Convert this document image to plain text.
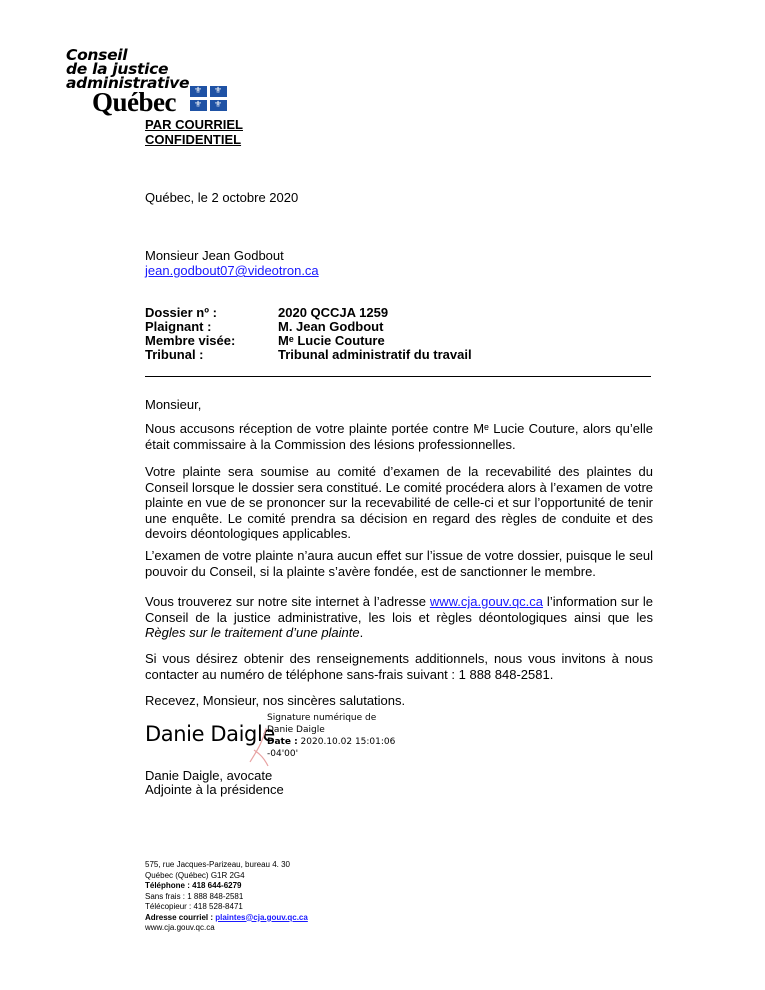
Conseil
de la justice
administrative
Québec ⚜ ⚜
⚜ ⚜
PAR COURRIEL
CONFIDENTIEL
Québec, le 2 octobre 2020
Monsieur Jean Godbout
jean.godbout07@videotron.ca
Dossier nº :	2020 QCCJA 1259
Plaignant :	M. Jean Godbout
Membre visée:	Mᵉ Lucie Couture
Tribunal :	Tribunal administratif du travail
Monsieur,
Nous accusons réception de votre plainte portée contre Mᵉ Lucie Couture, alors qu’elle était commissaire à la Commission des lésions professionnelles.
Votre plainte sera soumise au comité d’examen de la recevabilité des plaintes du Conseil lorsque le dossier sera constitué. Le comité procédera alors à l’examen de votre plainte en vue de se prononcer sur la recevabilité de celle-ci et sur l’opportunité de tenir une enquête. Le comité prendra sa décision en regard des règles de conduite et des devoirs déontologiques applicables.
L’examen de votre plainte n’aura aucun effet sur l’issue de votre dossier, puisque le seul pouvoir du Conseil, si la plainte s’avère fondée, est de sanctionner le membre.
Vous trouverez sur notre site internet à l’adresse www.cja.gouv.qc.ca l’information sur le Conseil de la justice administrative, les lois et règles déontologiques ainsi que les Règles sur le traitement d’une plainte.
Si vous désirez obtenir des renseignements additionnels, nous vous invitons à nous contacter au numéro de téléphone sans-frais suivant : 1 888 848-2581.
Recevez, Monsieur, nos sincères salutations.
Danie Daigle
Signature numérique de
Danie Daigle
Date : 2020.10.02 15:01:06
-04'00'
Danie Daigle, avocate
Adjointe à la présidence
575, rue Jacques-Parizeau, bureau 4. 30
Québec (Québec) G1R 2G4
Téléphone : 418 644-6279
Sans frais : 1 888 848-2581
Télécopieur : 418 528-8471
Adresse courriel : plaintes@cja.gouv.qc.ca
www.cja.gouv.qc.ca
